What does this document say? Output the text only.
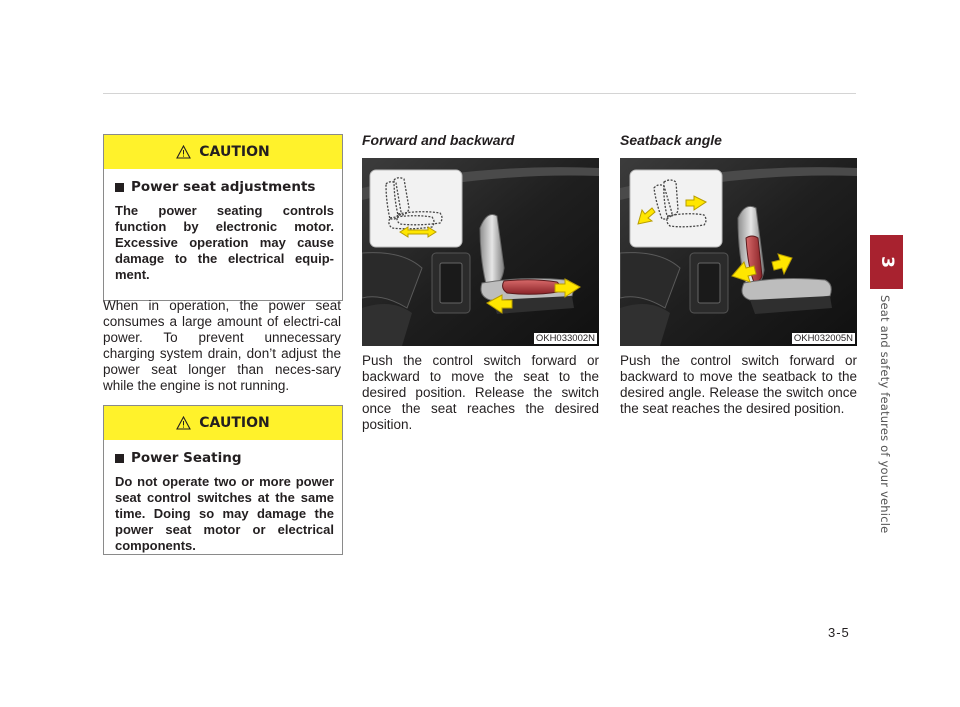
3
Seat and safety features of your vehicle
3-5
CAUTION
Power seat adjustments

The power seating controls function by electronic motor. Excessive operation may cause damage to the electrical equip-ment.

When in operation, the power seat consumes a large amount of electri-cal power. To prevent unnecessary charging system drain, don’t adjust the power seat longer than neces-sary while the engine is not running.

CAUTION
Power Seating

Do not operate two or more power seat control switches at the same time. Doing so may damage the power seat motor or electrical components.

Forward and backward

OKH033002N

Push the control switch forward or backward to move the seat to the desired position. Release the switch once the seat reaches the desired position.

Seatback angle

OKH032005N

Push the control switch forward or backward to move the seatback to the desired angle. Release the switch once the seat reaches the desired position.
